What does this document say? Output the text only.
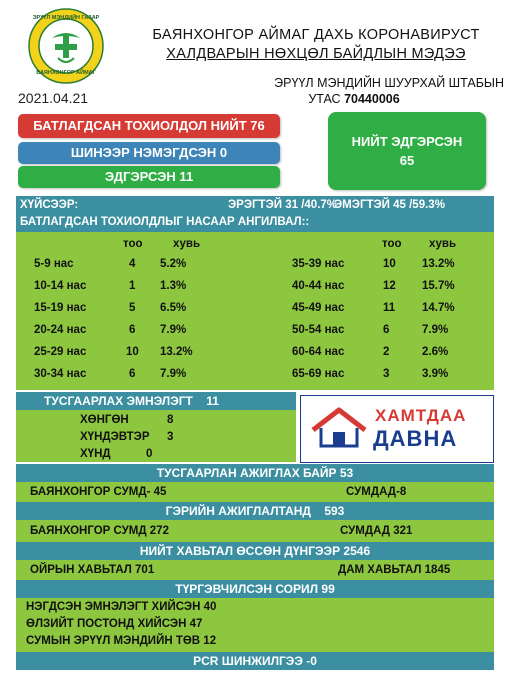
ЭРҮҮЛ МЭНДИЙН ГАЗАР
БАЯНХОНГОР АЙМАГ
БАЯНХОНГОР АЙМАГ ДАХЬ КОРОНАВИРУСТ
ХАЛДВАРЫН НӨХЦӨЛ БАЙДЛЫН МЭДЭЭ
2021.04.21
ЭРҮҮЛ МЭНДИЙН ШУУРХАЙ ШТАБЫН
УТАС 70440006
БАТЛАГДСАН ТОХИОЛДОЛ НИЙТ 76
ШИНЭЭР НЭМЭГДСЭН 0
ЭДГЭРСЭН 11
НИЙТ ЭДГЭРСЭН
65
ХҮЙСЭЭР:	ЭРЭГТЭЙ 31 /40.7%
ЭМЭГТЭЙ 45 /59.3%
БАТЛАГДСАН ТОХИОЛДЛЫГ НАСААР АНГИЛВАЛ::
тоо	хувь	тоо хувь
5-9 нас	4 5.2%	35-39 нас	10 13.2%
10-14 нас	1 1.3%	40-44 нас	12 15.7%
15-19 нас	5 6.5%	45-49 нас	11 14.7%
20-24 нас	6 7.9%	50-54 нас	6	7.9%
25-29 нас	10 13.2%	60-64 нас	2	2.6%
30-34 нас	6 7.9%	65-69 нас	3	3.9%
ТУСГААРЛАХ ЭМНЭЛЭГТ 11
ХӨНГӨН	8
ХҮНДЭВТЭР 3
ХҮНД	0
ХАМТДАА
ДАВНА
ТУСГААРЛАН АЖИГЛАХ БАЙР 53
БАЯНХОНГОР СУМД- 45	СУМДАД-8
ГЭРИЙН АЖИГЛАЛТАНД 593
БАЯНХОНГОР СУМД 272	СУМДАД 321
НИЙТ ХАВЬТАЛ ӨССӨН ДҮНГЭЭР 2546
ОЙРЫН ХАВЬТАЛ 701	ДАМ ХАВЬТАЛ 1845
ТҮРГЭВЧИЛСЭН СОРИЛ 99
НЭГДСЭН ЭМНЭЛЭГТ ХИЙСЭН 40
ӨЛЗИЙТ ПОСТОНД ХИЙСЭН 47
СУМЫН ЭРҮҮЛ МЭНДИЙН ТӨВ 12
PCR ШИНЖИЛГЭЭ -0
